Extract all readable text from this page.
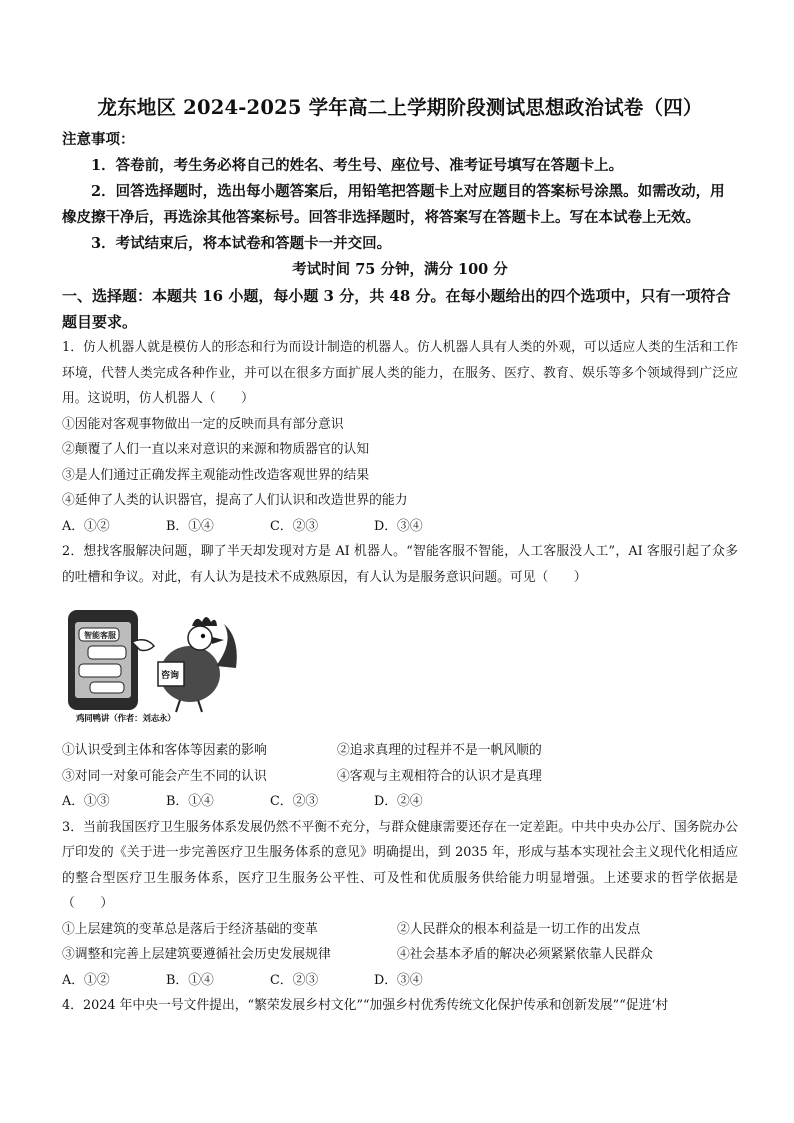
龙东地区 2024-2025 学年高二上学期阶段测试思想政治试卷（四）

注意事项：

1．答卷前，考生务必将自己的姓名、考生号、座位号、准考证号填写在答题卡上。

2．回答选择题时，选出每小题答案后，用铅笔把答题卡上对应题目的答案标号涂黑。如需改动，用橡皮擦干净后，再选涂其他答案标号。回答非选择题时，将答案写在答题卡上。写在本试卷上无效。

3．考试结束后，将本试卷和答题卡一并交回。

考试时间 75 分钟，满分 100 分

一、选择题：本题共 16 小题，每小题 3 分，共 48 分。在每小题给出的四个选项中，只有一项符合题目要求。

1．仿人机器人就是模仿人的形态和行为而设计制造的机器人。仿人机器人具有人类的外观，可以适应人类的生活和工作环境，代替人类完成各种作业，并可以在很多方面扩展人类的能力，在服务、医疗、教育、娱乐等多个领域得到广泛应用。这说明，仿人机器人（　　）

①因能对客观事物做出一定的反映而具有部分意识

②颠覆了人们一直以来对意识的来源和物质器官的认知

③是人们通过正确发挥主观能动性改造客观世界的结果

④延伸了人类的认识器官，提高了人们认识和改造世界的能力

A．①②	B．①④	C．②③	D．③④

2．想找客服解决问题，聊了半天却发现对方是 AI 机器人。“智能客服不智能，人工客服没人工”，AI 客服引起了众多的吐槽和争议。对此，有人认为是技术不成熟原因，有人认为是服务意识问题。可见（　　）

智能客服
咨询
鸡同鸭讲（作者：刘志永）
①认识受到主体和客体等因素的影响	②追求真理的过程并不是一帆风顺的
③对同一对象可能会产生不同的认识	④客观与主观相符合的认识才是真理
A．①③	B．①④	C．②③	D．②④

3．当前我国医疗卫生服务体系发展仍然不平衡不充分，与群众健康需要还存在一定差距。中共中央办公厅、国务院办公厅印发的《关于进一步完善医疗卫生服务体系的意见》明确提出，到 2035 年，形成与基本实现社会主义现代化相适应的整合型医疗卫生服务体系，医疗卫生服务公平性、可及性和优质服务供给能力明显增强。上述要求的哲学依据是（　　）

①上层建筑的变革总是落后于经济基础的变革	②人民群众的根本利益是一切工作的出发点
③调整和完善上层建筑要遵循社会历史发展规律	④社会基本矛盾的解决必须紧紧依靠人民群众
A．①②	B．①④	C．②③	D．③④

4．2024 年中央一号文件提出，“繁荣发展乡村文化”“加强乡村优秀传统文化保护传承和创新发展”“促进‘村
